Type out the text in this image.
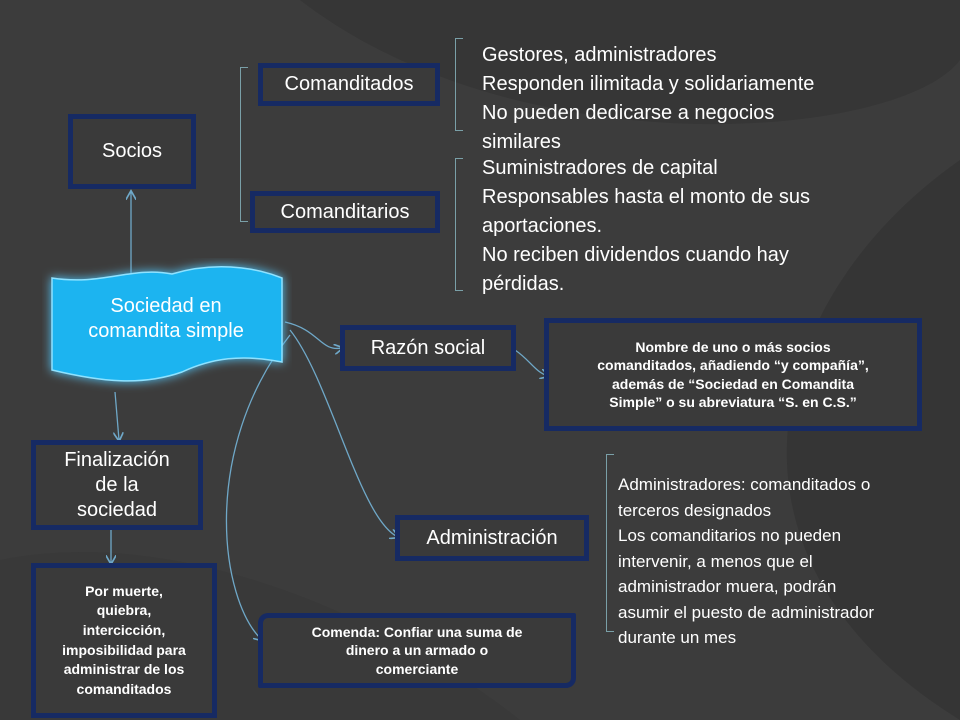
Socios
Comanditados
Gestores, administradores
Responden ilimitada y solidariamente
No pueden dedicarse a negocios
similares
Comanditarios
Suministradores de capital
Responsables hasta el monto de sus
aportaciones.
No reciben dividendos cuando hay
pérdidas.
Sociedad en
comandita simple
Razón social	Nombre de uno o más socios
comanditados, añadiendo “y compañía”,
además de “Sociedad en Comandita
Simple” o su abreviatura “S. en C.S.”
Finalización
de la
sociedad
Por muerte,
quiebra,
intercicción,
imposibilidad para
administrar de los
comanditados
Administración
Administradores: comanditados o
terceros designados
Los comanditarios no pueden
intervenir, a menos que el
administrador muera, podrán
asumir el puesto de administrador
durante un mes
Comenda: Confiar una suma de
dinero a un armado o
comerciante
